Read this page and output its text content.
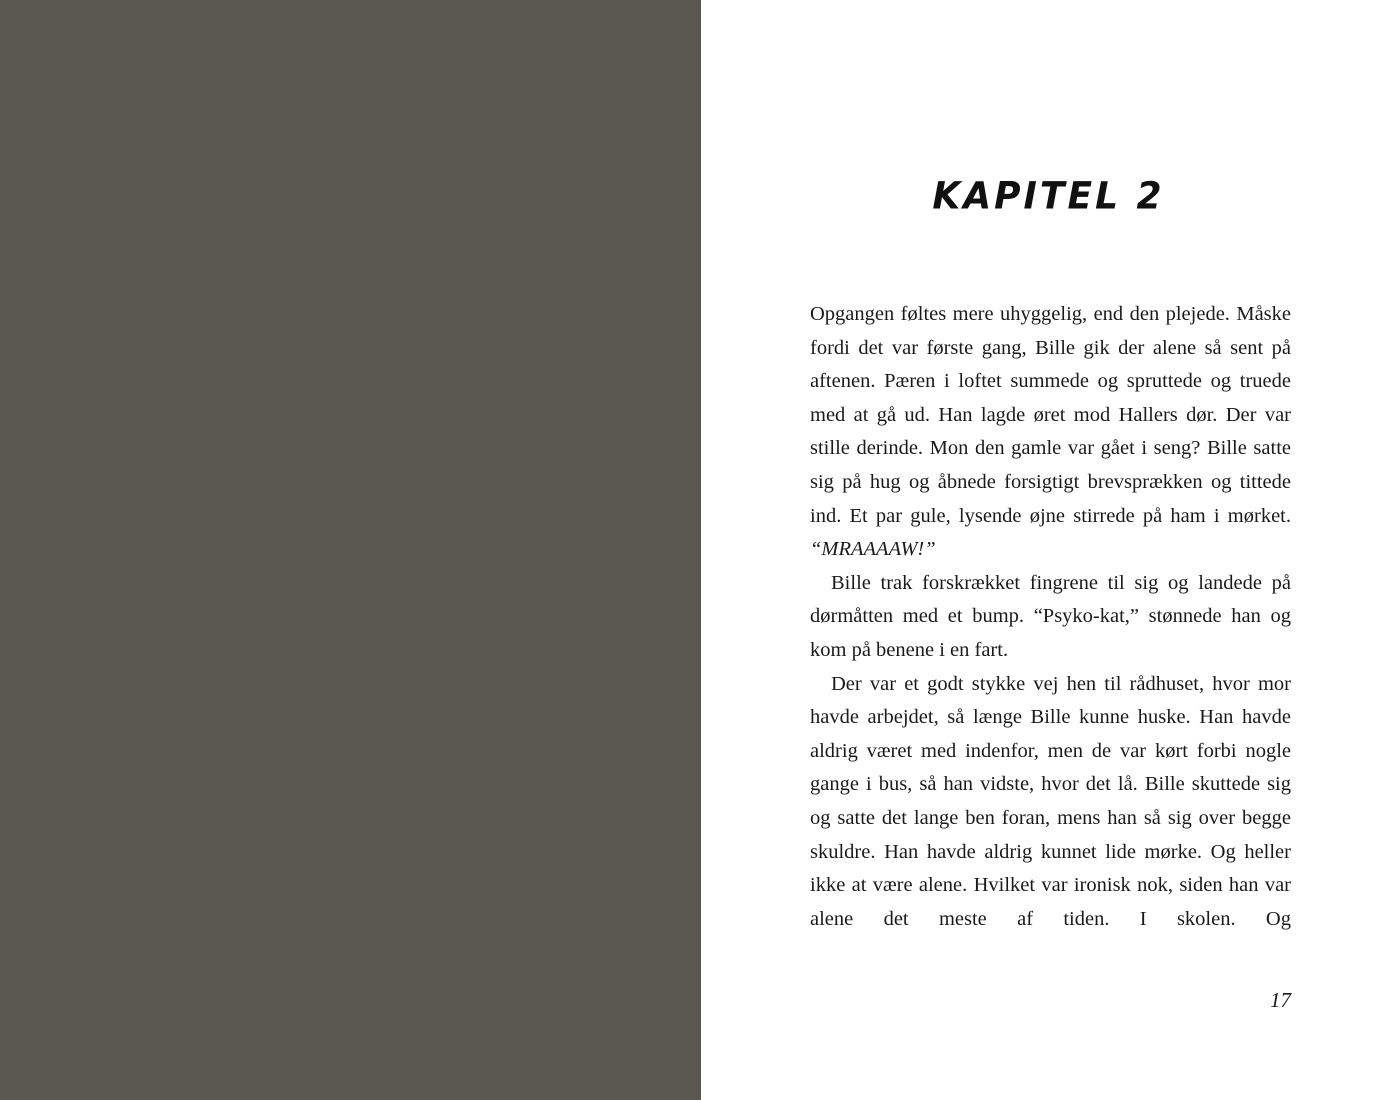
KAPITEL 2

Opgangen føltes mere uhyggelig, end den plejede. Måske fordi det var første gang, Bille gik der alene så sent på aftenen. Pæren i loftet summede og spruttede og truede med at gå ud. Han lagde øret mod Hallers dør. Der var stille derinde. Mon den gamle var gået i seng? Bille satte sig på hug og åbnede forsigtigt brevsprækken og tittede ind. Et par gule, lysende øjne stirrede på ham i mørket. “MRAAAAW!”

Bille trak forskrækket fingrene til sig og landede på dørmåtten med et bump. “Psyko-kat,” stønnede han og kom på benene i en fart.

Der var et godt stykke vej hen til rådhuset, hvor mor havde arbejdet, så længe Bille kunne huske. Han havde aldrig været med indenfor, men de var kørt forbi nogle gange i bus, så han vidste, hvor det lå. Bille skuttede sig og satte det lange ben foran, mens han så sig over begge skuldre. Han havde aldrig kunnet lide mørke. Og heller ikke at være alene. Hvilket var ironisk nok, siden han var alene det meste af tiden. I skolen. Og

17
